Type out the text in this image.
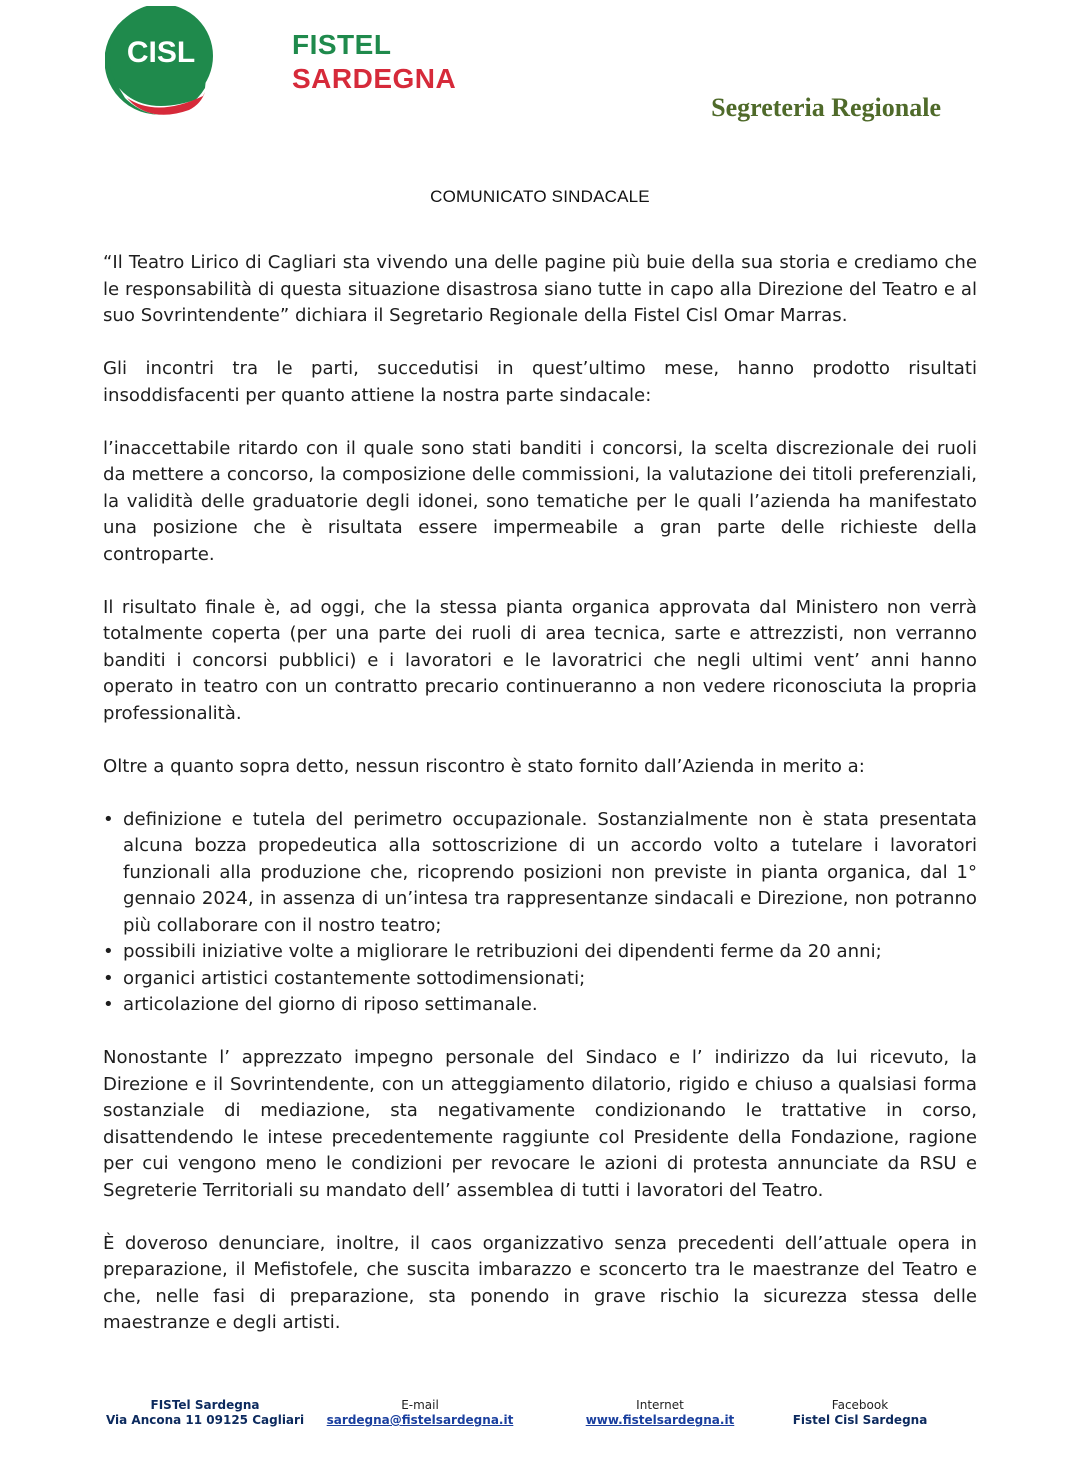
CISL	FISTEL
SARDEGNA
Segreteria Regionale
COMUNICATO SINDACALE

“Il Teatro Lirico di Cagliari sta vivendo una delle pagine più buie della sua storia e crediamo che le responsabilità di questa situazione disastrosa siano tutte in capo alla Direzione del Teatro e al suo Sovrintendente” dichiara il Segretario Regionale della Fistel Cisl Omar Marras.

Gli incontri tra le parti, succedutisi in quest’ultimo mese, hanno prodotto risultati insoddisfacenti per quanto attiene la nostra parte sindacale:

l’inaccettabile ritardo con il quale sono stati banditi i concorsi, la scelta discrezionale dei ruoli da mettere a concorso, la composizione delle commissioni, la valutazione dei titoli preferenziali, la validità delle graduatorie degli idonei, sono tematiche per le quali l’azienda ha manifestato una posizione che è risultata essere impermeabile a gran parte delle richieste della controparte.

Il risultato finale è, ad oggi, che la stessa pianta organica approvata dal Ministero non verrà totalmente coperta (per una parte dei ruoli di area tecnica, sarte e attrezzisti, non verranno banditi i concorsi pubblici) e i lavoratori e le lavoratrici che negli ultimi vent’ anni hanno operato in teatro con un contratto precario continueranno a non vedere riconosciuta la propria professionalità.

Oltre a quanto sopra detto, nessun riscontro è stato fornito dall’Azienda in merito a:

• definizione e tutela del perimetro occupazionale. Sostanzialmente non è stata presentata alcuna bozza propedeutica alla sottoscrizione di un accordo volto a tutelare i lavoratori funzionali alla produzione che, ricoprendo posizioni non previste in pianta organica, dal 1° gennaio 2024, in assenza di un’intesa tra rappresentanze sindacali e Direzione, non potranno più collaborare con il nostro teatro;
• possibili iniziative volte a migliorare le retribuzioni dei dipendenti ferme da 20 anni;
• organici artistici costantemente sottodimensionati;
• articolazione del giorno di riposo settimanale.

Nonostante l’ apprezzato impegno personale del Sindaco e l’ indirizzo da lui ricevuto, la Direzione e il Sovrintendente, con un atteggiamento dilatorio, rigido e chiuso a qualsiasi forma sostanziale di mediazione, sta negativamente condizionando le trattative in corso, disattendendo le intese precedentemente raggiunte col Presidente della Fondazione, ragione per cui vengono meno le condizioni per revocare le azioni di protesta annunciate da RSU e Segreterie Territoriali su mandato dell’ assemblea di tutti i lavoratori del Teatro.

È doveroso denunciare, inoltre, il caos organizzativo senza precedenti dell’attuale opera in preparazione, il Mefistofele, che suscita imbarazzo e sconcerto tra le maestranze del Teatro e che, nelle fasi di preparazione, sta ponendo in grave rischio la sicurezza stessa delle maestranze e degli artisti.

FISTel Sardegna
Via Ancona 11 09125 Cagliari
E-mail
sardegna@fistelsardegna.it
Internet
www.fistelsardegna.it
Facebook
Fistel Cisl Sardegna
